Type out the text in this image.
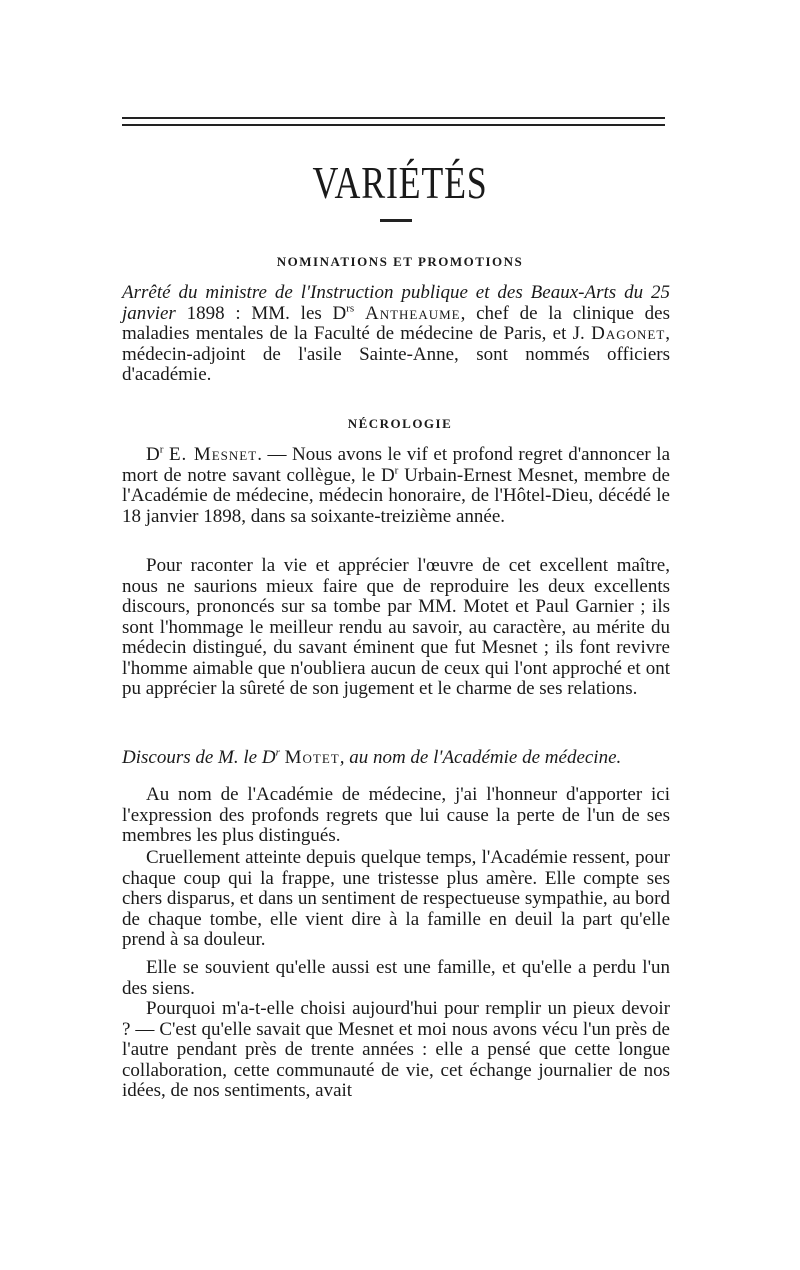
VARIÉTÉS
NOMINATIONS ET PROMOTIONS
Arrêté du ministre de l'Instruction publique et des Beaux-Arts du 25 janvier 1898 : MM. les $D^{rs}$ Antheaume, chef de la clinique des maladies mentales de la Faculté de médecine de Paris, et J. Dagonet, médecin-adjoint de l'asile Sainte-Anne, sont nommés officiers d'académie.
NÉCROLOGIE
$D^r$ E. Mesnet. — Nous avons le vif et profond regret d'annoncer la mort de notre savant collègue, le $D^r$ Urbain-Ernest Mesnet, membre de l'Académie de médecine, médecin honoraire, de l'Hôtel-Dieu, décédé le 18 janvier 1898, dans sa soixante-treizième année.
Pour raconter la vie et apprécier l'œuvre de cet excellent maître, nous ne saurions mieux faire que de reproduire les deux excellents discours, prononcés sur sa tombe par MM. Motet et Paul Garnier ; ils sont l'hommage le meilleur rendu au savoir, au caractère, au mérite du médecin distingué, du savant éminent que fut Mesnet ; ils font revivre l'homme aimable que n'oubliera aucun de ceux qui l'ont approché et ont pu apprécier la sûreté de son jugement et le charme de ses relations.
Discours de M. le $D^r$ Motet, au nom de l'Académie de médecine.
Au nom de l'Académie de médecine, j'ai l'honneur d'apporter ici l'expression des profonds regrets que lui cause la perte de l'un de ses membres les plus distingués.
Cruellement atteinte depuis quelque temps, l'Académie ressent, pour chaque coup qui la frappe, une tristesse plus amère. Elle compte ses chers disparus, et dans un sentiment de respectueuse sympathie, au bord de chaque tombe, elle vient dire à la famille en deuil la part qu'elle prend à sa douleur.
Elle se souvient qu'elle aussi est une famille, et qu'elle a perdu l'un des siens.
Pourquoi m'a-t-elle choisi aujourd'hui pour remplir un pieux devoir ? — C'est qu'elle savait que Mesnet et moi nous avons vécu l'un près de l'autre pendant près de trente années : elle a pensé que cette longue collaboration, cette communauté de vie, cet échange journalier de nos idées, de nos sentiments, avait
